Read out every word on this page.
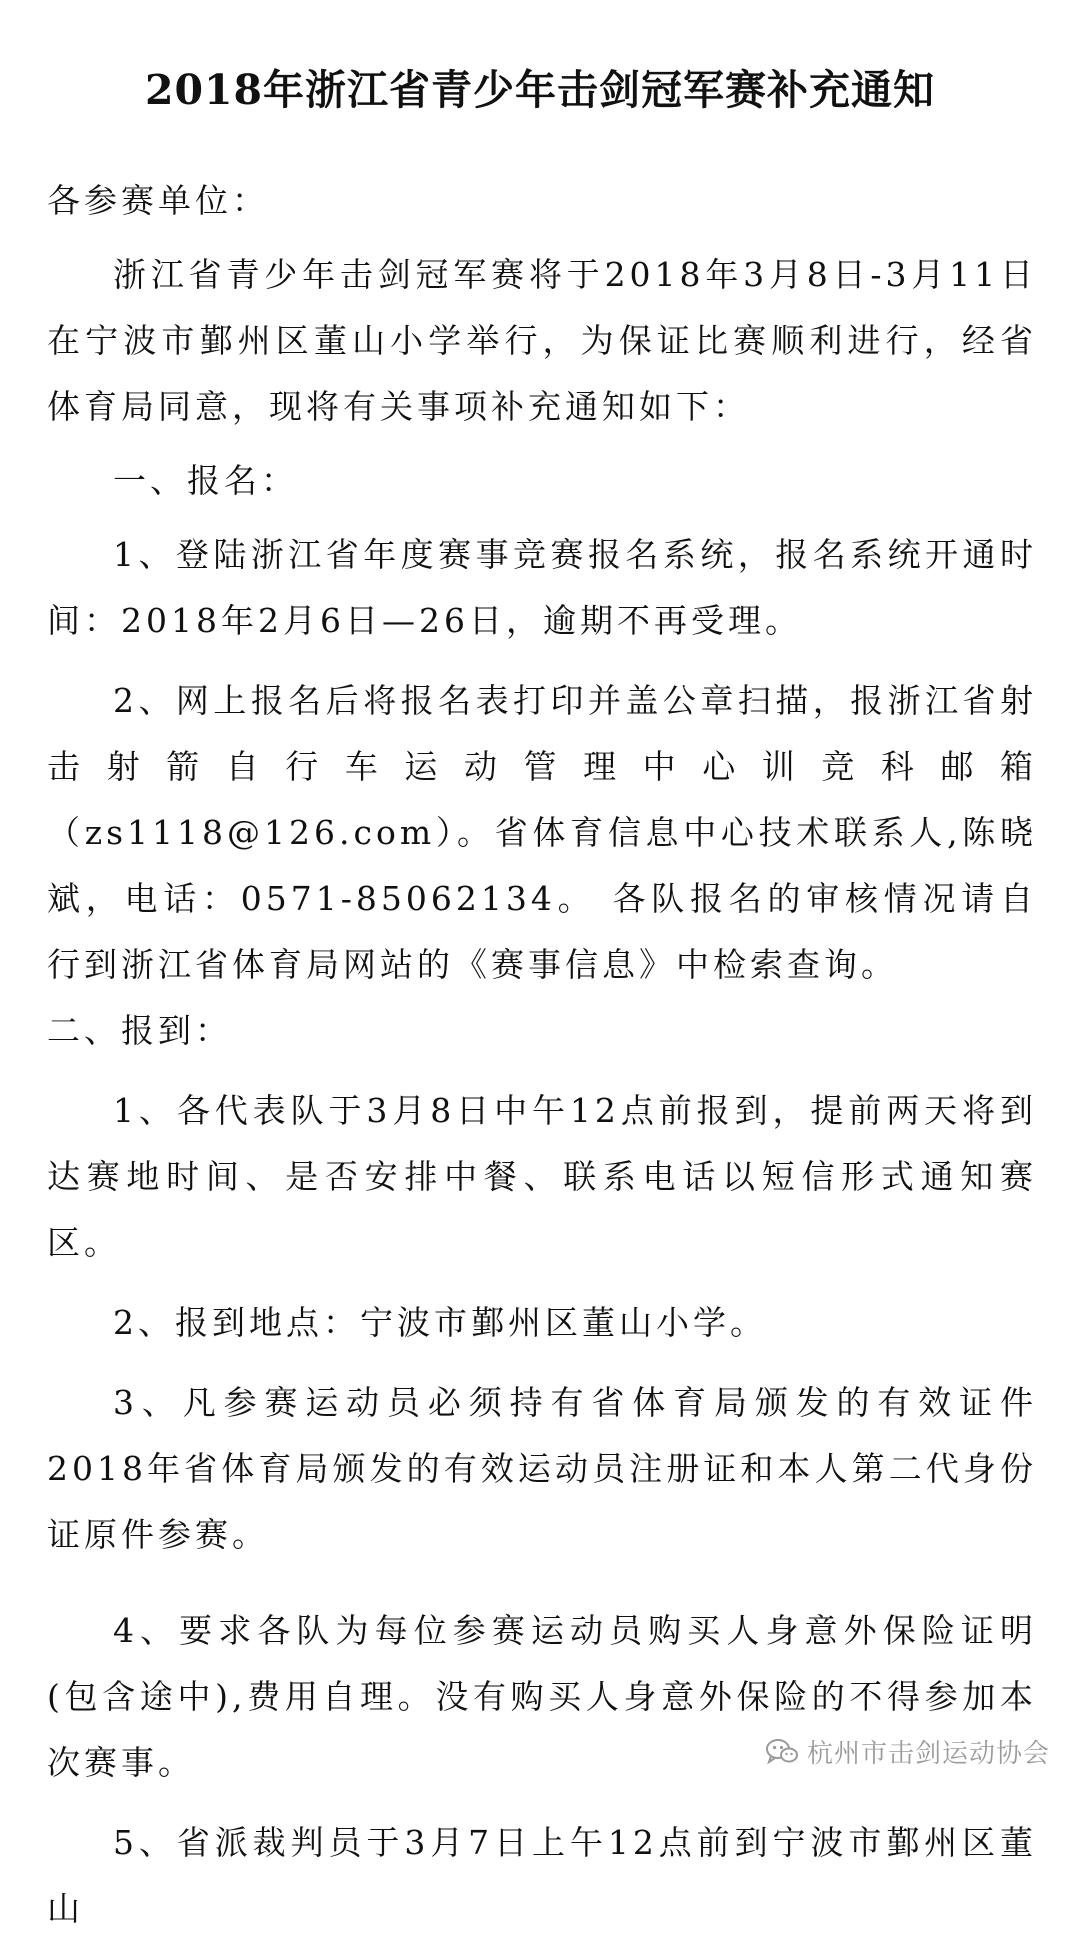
2018年浙江省青少年击剑冠军赛补充通知

各参赛单位：

浙江省青少年击剑冠军赛将于2018年3月8日-3月11日在宁波市鄞州区董山小学举行，为保证比赛顺利进行，经省体育局同意，现将有关事项补充通知如下：

一、报名：

1、登陆浙江省年度赛事竞赛报名系统，报名系统开通时间：2018年2月6日—26日，逾期不再受理。

2、网上报名后将报名表打印并盖公章扫描，报浙江省射击射箭自行车运动管理中心训竞科邮箱（zs1118@126.com）。省体育信息中心技术联系人,陈晓斌，电话：0571-85062134。 各队报名的审核情况请自行到浙江省体育局网站的《赛事信息》中检索查询。

二、报到：

1、各代表队于3月8日中午12点前报到，提前两天将到达赛地时间、是否安排中餐、联系电话以短信形式通知赛区。

2、报到地点：宁波市鄞州区董山小学。

3、凡参赛运动员必须持有省体育局颁发的有效证件2018年省体育局颁发的有效运动员注册证和本人第二代身份证原件参赛。

4、要求各队为每位参赛运动员购买人身意外保险证明(包含途中),费用自理。没有购买人身意外保险的不得参加本次赛事。

5、省派裁判员于3月7日上午12点前到宁波市鄞州区董山

杭州市击剑运动协会
